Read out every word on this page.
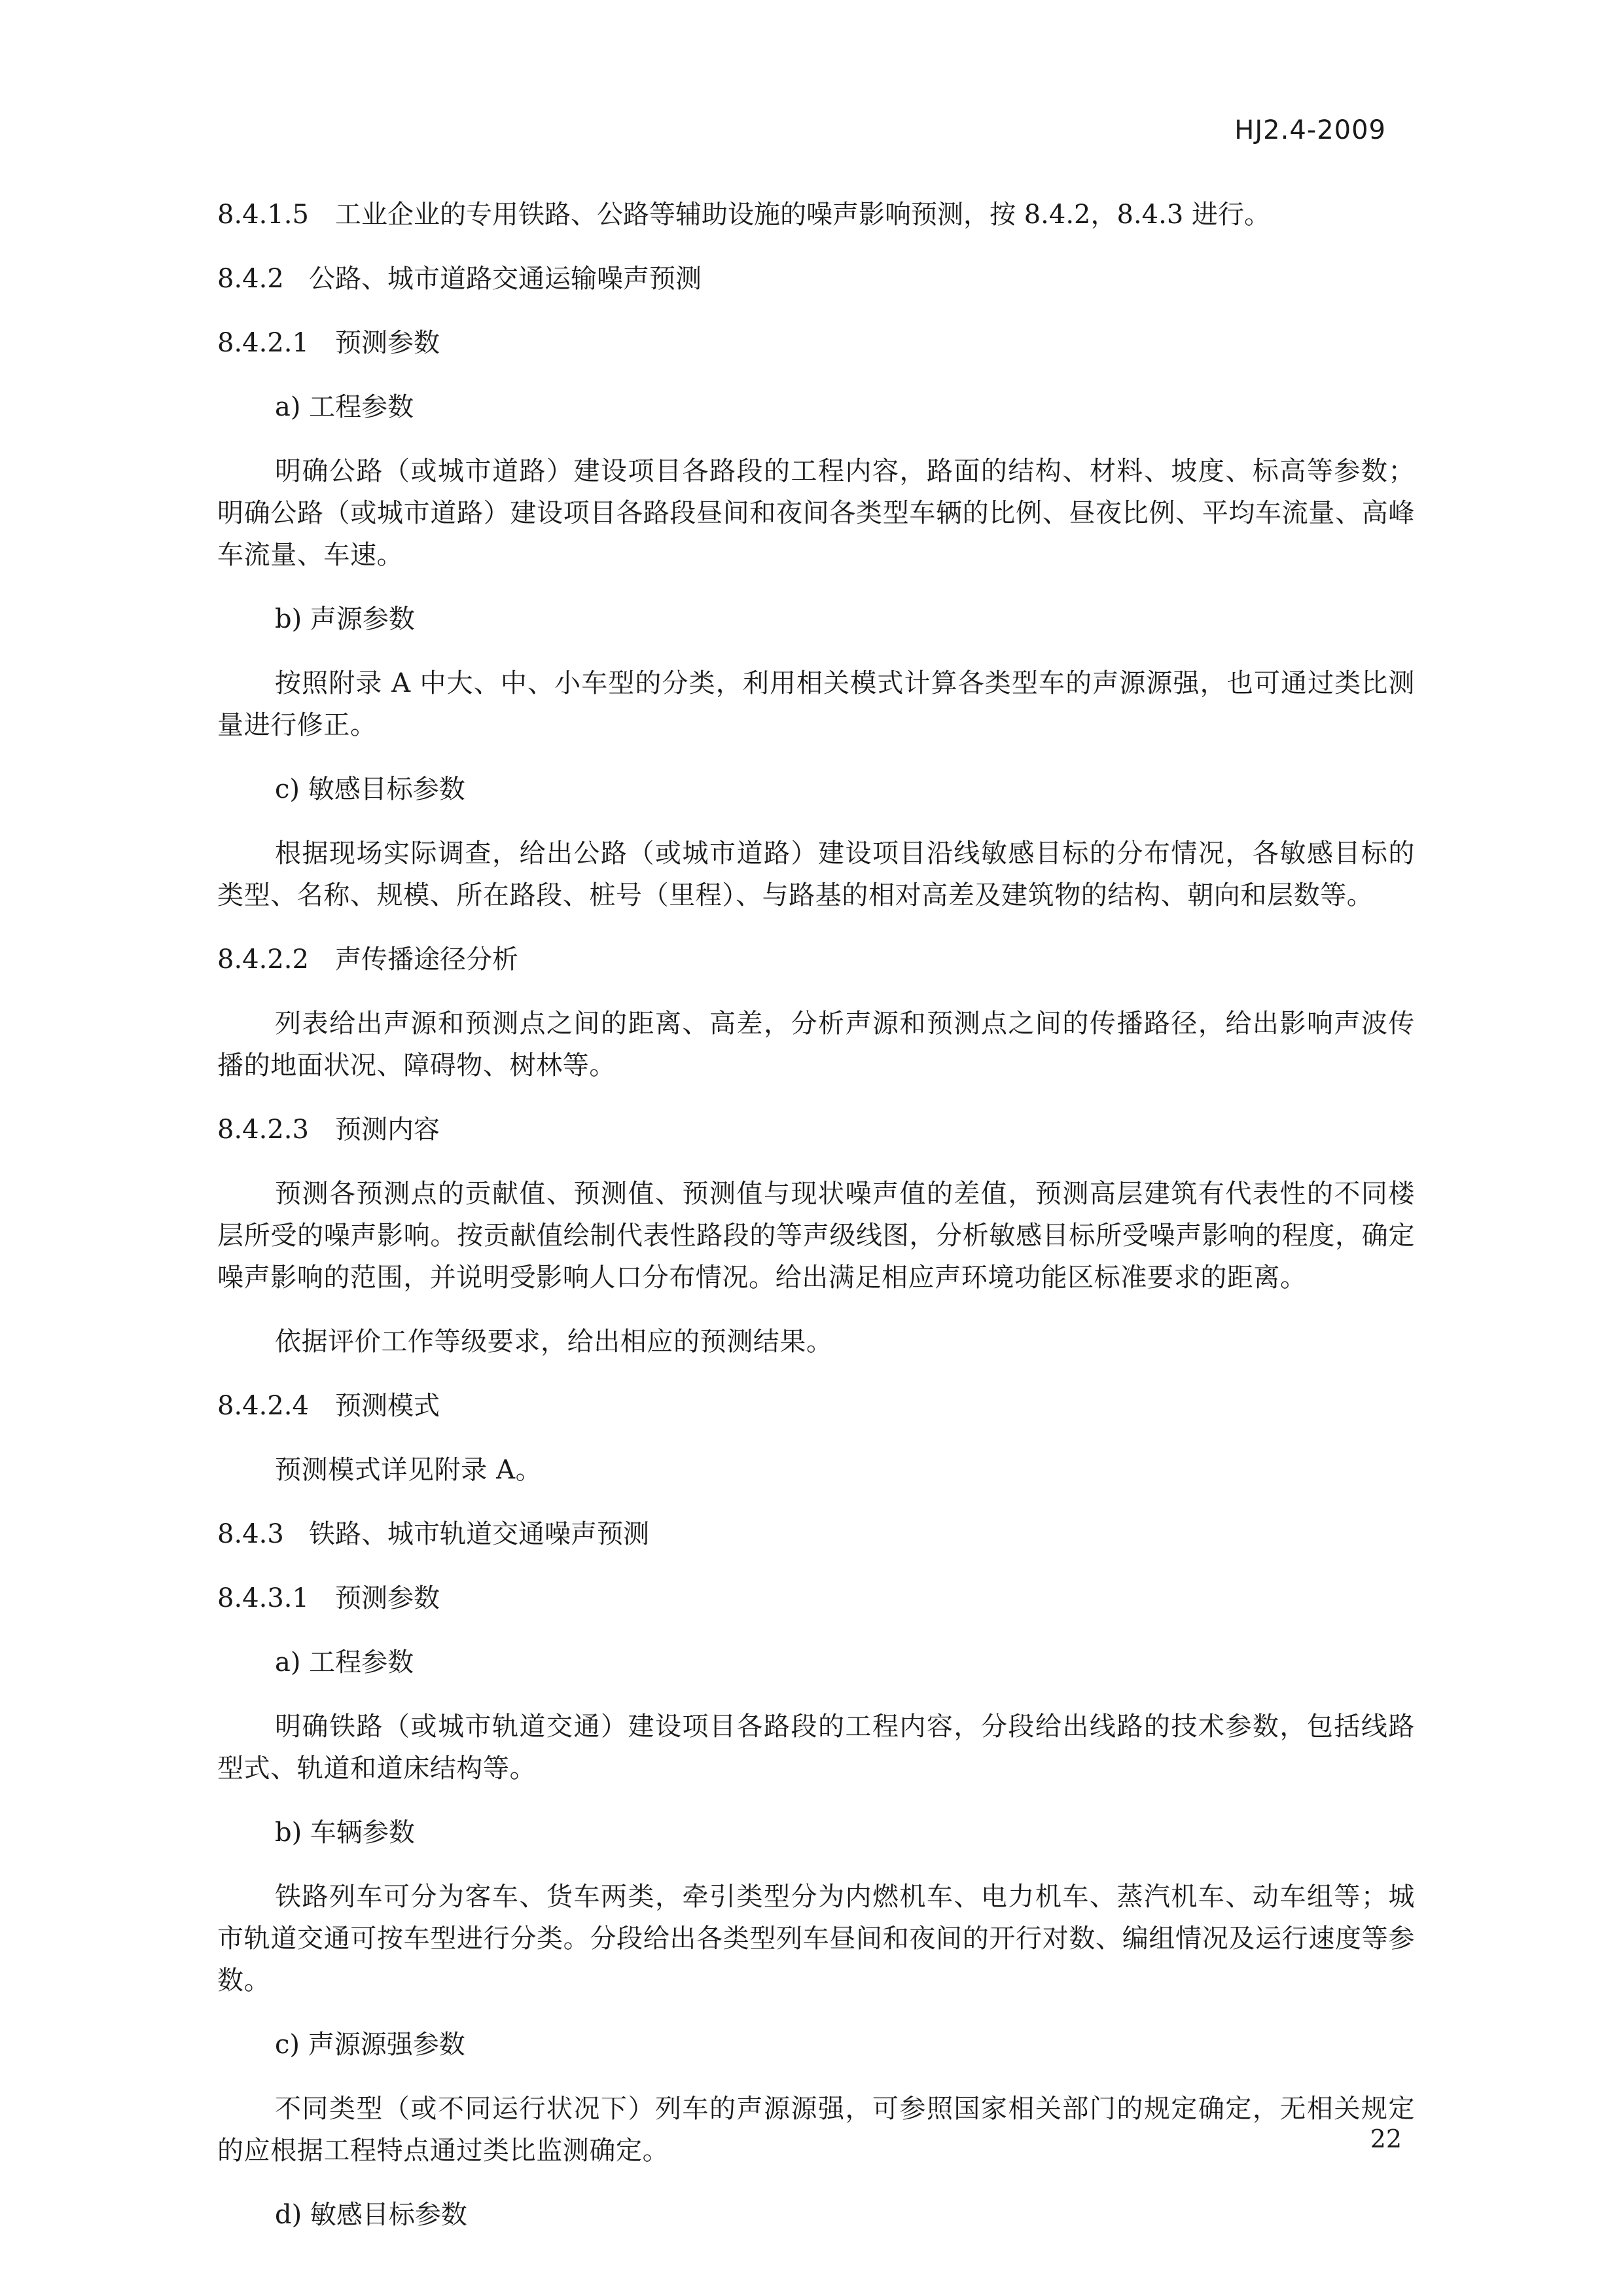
HJ2.4-2009

8.4.1.5 工业企业的专用铁路、公路等辅助设施的噪声影响预测，按 8.4.2，8.4.3 进行。

8.4.2 公路、城市道路交通运输噪声预测

8.4.2.1 预测参数

a) 工程参数

明确公路（或城市道路）建设项目各路段的工程内容，路面的结构、材料、坡度、标高等参数；明确公路（或城市道路）建设项目各路段昼间和夜间各类型车辆的比例、昼夜比例、平均车流量、高峰车流量、车速。

b) 声源参数

按照附录 A 中大、中、小车型的分类，利用相关模式计算各类型车的声源源强，也可通过类比测量进行修正。

c) 敏感目标参数

根据现场实际调查，给出公路（或城市道路）建设项目沿线敏感目标的分布情况，各敏感目标的类型、名称、规模、所在路段、桩号（里程）、与路基的相对高差及建筑物的结构、朝向和层数等。

8.4.2.2 声传播途径分析

列表给出声源和预测点之间的距离、高差，分析声源和预测点之间的传播路径，给出影响声波传播的地面状况、障碍物、树林等。

8.4.2.3 预测内容

预测各预测点的贡献值、预测值、预测值与现状噪声值的差值，预测高层建筑有代表性的不同楼层所受的噪声影响。按贡献值绘制代表性路段的等声级线图，分析敏感目标所受噪声影响的程度，确定噪声影响的范围，并说明受影响人口分布情况。给出满足相应声环境功能区标准要求的距离。

依据评价工作等级要求，给出相应的预测结果。

8.4.2.4 预测模式

预测模式详见附录 A。

8.4.3 铁路、城市轨道交通噪声预测

8.4.3.1 预测参数

a) 工程参数

明确铁路（或城市轨道交通）建设项目各路段的工程内容，分段给出线路的技术参数，包括线路型式、轨道和道床结构等。

b) 车辆参数

铁路列车可分为客车、货车两类，牵引类型分为内燃机车、电力机车、蒸汽机车、动车组等；城市轨道交通可按车型进行分类。分段给出各类型列车昼间和夜间的开行对数、编组情况及运行速度等参数。

c) 声源源强参数

不同类型（或不同运行状况下）列车的声源源强，可参照国家相关部门的规定确定，无相关规定的应根据工程特点通过类比监测确定。

d) 敏感目标参数

22
